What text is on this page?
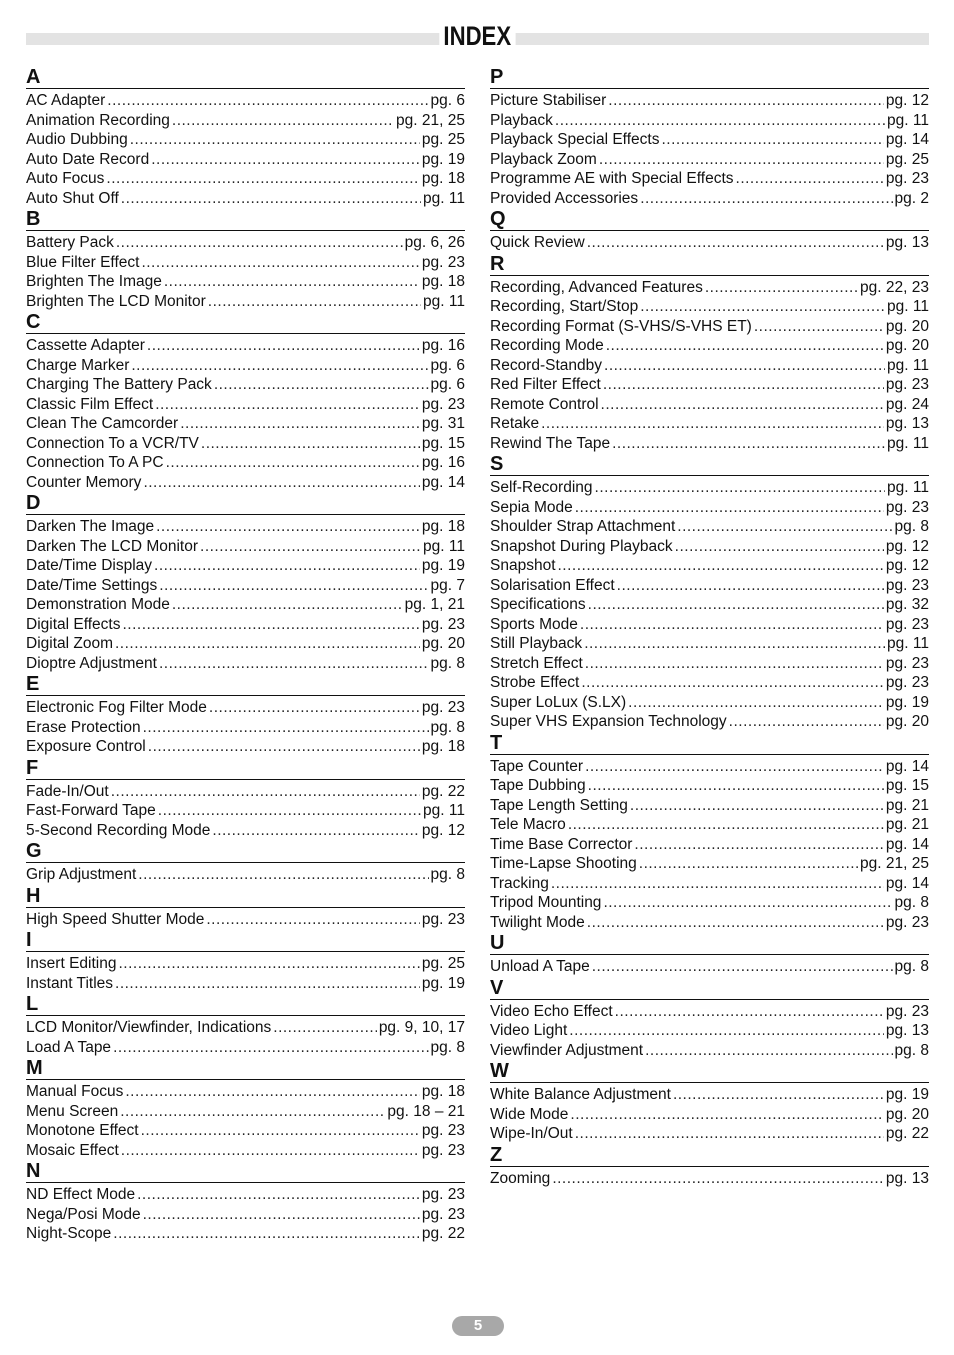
INDEX
A
AC Adapter .....	pg. 6
Animation Recording .....	pg. 21, 25
Audio Dubbing .....	pg. 25
Auto Date Record .....	pg. 19
Auto Focus .....	pg. 18
Auto Shut Off .....	pg. 11
B
Battery Pack .....	pg. 6, 26
Blue Filter Effect .....	pg. 23
Brighten The Image .....	pg. 18
Brighten The LCD Monitor .....	pg. 11
C
Cassette Adapter .....	pg. 16
Charge Marker .....	pg. 6
Charging The Battery Pack .....	pg. 6
Classic Film Effect .....	pg. 23
Clean The Camcorder .....	pg. 31
Connection To a VCR/TV .....	pg. 15
Connection To A PC .....	pg. 16
Counter Memory .....	pg. 14
D
Darken The Image .....	pg. 18
Darken The LCD Monitor .....	pg. 11
Date/Time Display .....	pg. 19
Date/Time Settings .....	pg. 7
Demonstration Mode .....	pg. 1, 21
Digital Effects .....	pg. 23
Digital Zoom .....	pg. 20
Dioptre Adjustment .....	pg. 8
E
Electronic Fog Filter Mode .....	pg. 23
Erase Protection .....	pg. 8
Exposure Control .....	pg. 18
F
Fade-In/Out .....	pg. 22
Fast-Forward Tape .....	pg. 11
5-Second Recording Mode .....	pg. 12
G
Grip Adjustment .....	pg. 8
H
High Speed Shutter Mode .....	pg. 23
I
Insert Editing .....	pg. 25
Instant Titles .....	pg. 19
L
LCD Monitor/Viewfinder, Indications .....	pg. 9, 10, 17
Load A Tape .....	pg. 8
M
Manual Focus .....	pg. 18
Menu Screen .....	pg. 18 – 21
Monotone Effect .....	pg. 23
Mosaic Effect .....	pg. 23
N
ND Effect Mode .....	pg. 23
Nega/Posi Mode .....	pg. 23
Night-Scope .....	pg. 22
P
Picture Stabiliser .....	pg. 12
Playback .....	pg. 11
Playback Special Effects .....	pg. 14
Playback Zoom .....	pg. 25
Programme AE with Special Effects .....	pg. 23
Provided Accessories .....	pg. 2
Q
Quick Review .....	pg. 13
R
Recording, Advanced Features .....	pg. 22, 23
Recording, Start/Stop .....	pg. 11
Recording Format (S-VHS/S-VHS ET) .....	pg. 20
Recording Mode .....	pg. 20
Record-Standby .....	pg. 11
Red Filter Effect .....	pg. 23
Remote Control .....	pg. 24
Retake .....	pg. 13
Rewind The Tape .....	pg. 11
S
Self-Recording .....	pg. 11
Sepia Mode .....	pg. 23
Shoulder Strap Attachment .....	pg. 8
Snapshot During Playback .....	pg. 12
Snapshot .....	pg. 12
Solarisation Effect .....	pg. 23
Specifications .....	pg. 32
Sports Mode .....	pg. 23
Still Playback .....	pg. 11
Stretch Effect .....	pg. 23
Strobe Effect .....	pg. 23
Super LoLux (S.LX) .....	pg. 19
Super VHS Expansion Technology .....	pg. 20
T
Tape Counter .....	pg. 14
Tape Dubbing .....	pg. 15
Tape Length Setting .....	pg. 21
Tele Macro .....	pg. 21
Time Base Corrector .....	pg. 14
Time-Lapse Shooting .....	pg. 21, 25
Tracking .....	pg. 14
Tripod Mounting .....	pg. 8
Twilight Mode .....	pg. 23
U
Unload A Tape .....	pg. 8
V
Video Echo Effect .....	pg. 23
Video Light .....	pg. 13
Viewfinder Adjustment .....	pg. 8
W
White Balance Adjustment .....	pg. 19
Wide Mode .....	pg. 20
Wipe-In/Out .....	pg. 22
Z
Zooming .....	pg. 13
5
